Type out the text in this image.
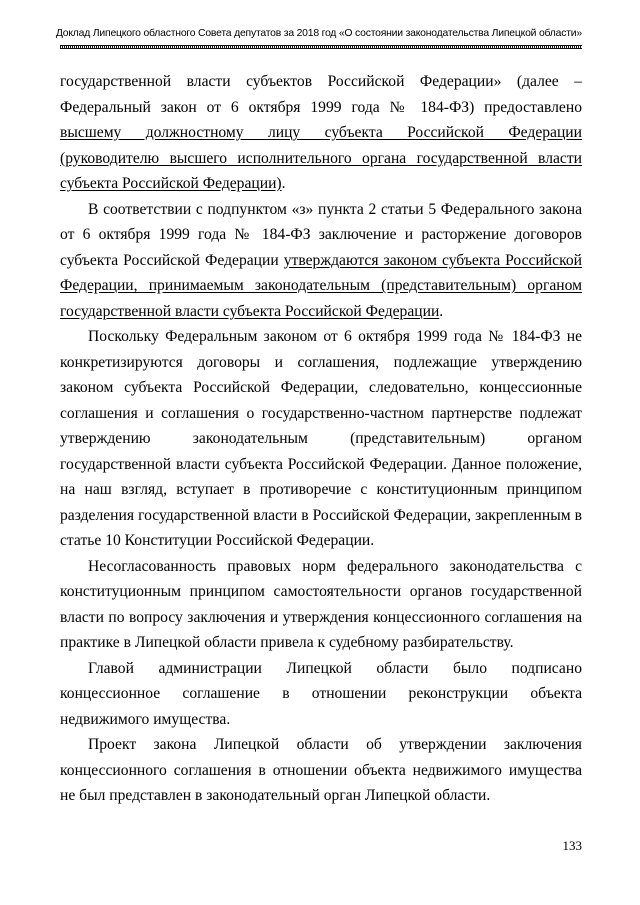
Доклад Липецкого областного Совета депутатов за 2018 год «О состоянии законодательства Липецкой области»

государственной власти субъектов Российской Федерации» (далее – Федеральный закон от 6 октября 1999 года № 184-ФЗ) предоставлено высшему должностному лицу субъекта Российской Федерации (руководителю высшего исполнительного органа государственной власти субъекта Российской Федерации).

В соответствии с подпунктом «з» пункта 2 статьи 5 Федерального закона от 6 октября 1999 года № 184-ФЗ заключение и расторжение договоров субъекта Российской Федерации утверждаются законом субъекта Российской Федерации, принимаемым законодательным (представительным) органом государственной власти субъекта Российской Федерации.

Поскольку Федеральным законом от 6 октября 1999 года № 184-ФЗ не конкретизируются договоры и соглашения, подлежащие утверждению законом субъекта Российской Федерации, следовательно, концессионные соглашения и соглашения о государственно-частном партнерстве подлежат утверждению законодательным (представительным) органом государственной власти субъекта Российской Федерации. Данное положение, на наш взгляд, вступает в противоречие с конституционным принципом разделения государственной власти в Российской Федерации, закрепленным в статье 10 Конституции Российской Федерации.

Несогласованность правовых норм федерального законодательства с конституционным принципом самостоятельности органов государственной власти по вопросу заключения и утверждения концессионного соглашения на практике в Липецкой области привела к судебному разбирательству.

Главой администрации Липецкой области было подписано концессионное соглашение в отношении реконструкции объекта недвижимого имущества.

Проект закона Липецкой области об утверждении заключения концессионного соглашения в отношении объекта недвижимого имущества не был представлен в законодательный орган Липецкой области.

133
